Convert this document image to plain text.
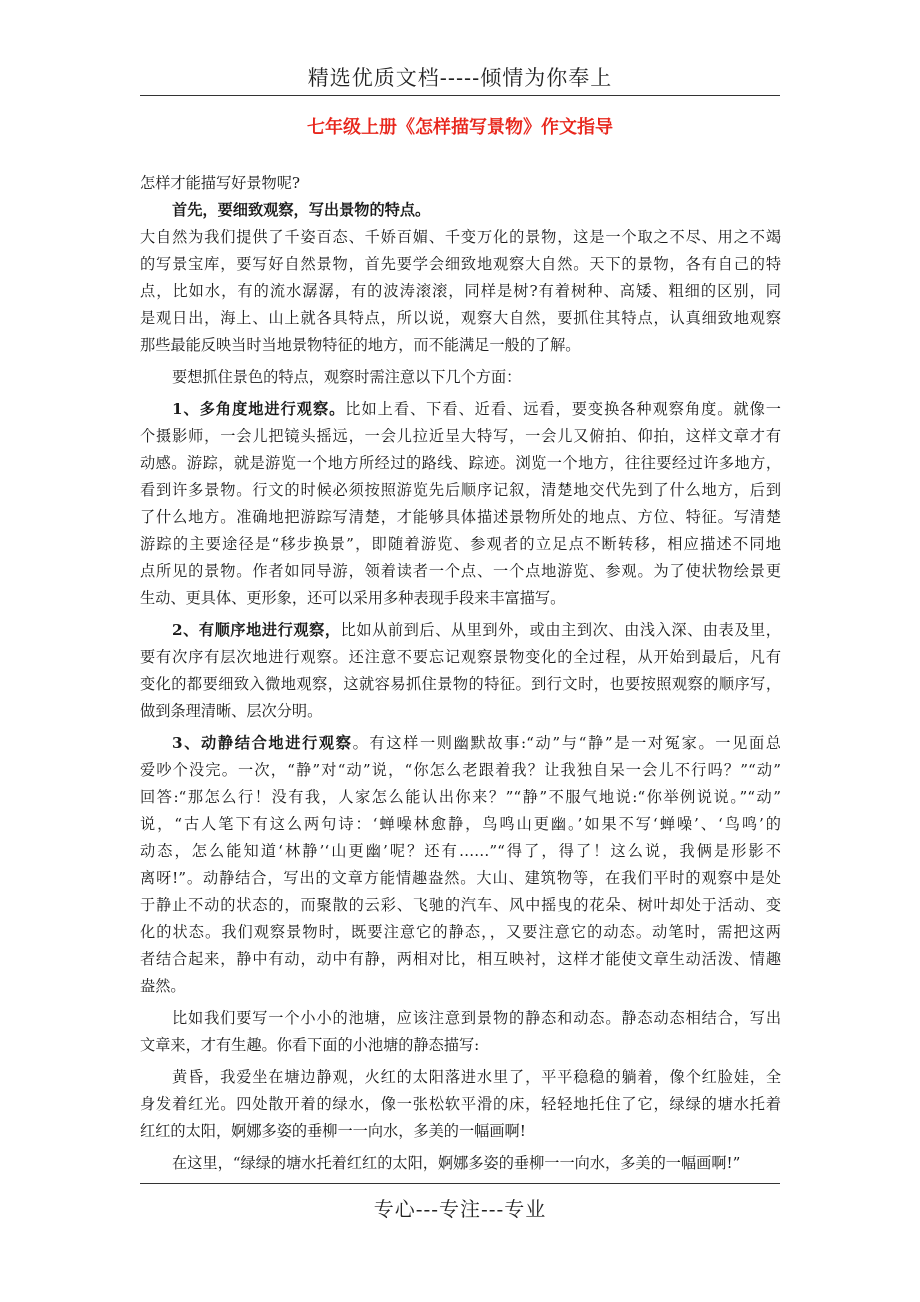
精选优质文档-----倾情为你奉上
七年级上册《怎样描写景物》作文指导
怎样才能描写好景物呢?
首先，要细致观察，写出景物的特点。
大自然为我们提供了千姿百态、千娇百媚、千变万化的景物，这是一个取之不尽、用之不竭
的写景宝库，要写好自然景物，首先要学会细致地观察大自然。天下的景物，各有自己的特
点，比如水，有的流水潺潺，有的波涛滚滚，同样是树?有着树种、高矮、粗细的区别，同
是观日出，海上、山上就各具特点，所以说，观察大自然，要抓住其特点，认真细致地观察
那些最能反映当时当地景物特征的地方，而不能满足一般的了解。
要想抓住景色的特点，观察时需注意以下几个方面：
1、多角度地进行观察。比如上看、下看、近看、远看，要变换各种观察角度。就像一
个摄影师，一会儿把镜头摇远，一会儿拉近呈大特写，一会儿又俯拍、仰拍，这样文章才有
动感。游踪，就是游览一个地方所经过的路线、踪迹。浏览一个地方，往往要经过许多地方，
看到许多景物。行文的时候必须按照游览先后顺序记叙，清楚地交代先到了什么地方，后到
了什么地方。准确地把游踪写清楚，才能够具体描述景物所处的地点、方位、特征。写清楚
游踪的主要途径是“移步换景”，即随着游览、参观者的立足点不断转移，相应描述不同地
点所见的景物。作者如同导游，领着读者一个点、一个点地游览、参观。为了使状物绘景更
生动、更具体、更形象，还可以采用多种表现手段来丰富描写。
2、有顺序地进行观察，比如从前到后、从里到外，或由主到次、由浅入深、由表及里，
要有次序有层次地进行观察。还注意不要忘记观察景物变化的全过程，从开始到最后，凡有
变化的都要细致入微地观察，这就容易抓住景物的特征。到行文时，也要按照观察的顺序写，
做到条理清晰、层次分明。
3、动静结合地进行观察。有这样一则幽默故事:“动”与“静”是一对冤家。一见面总
爱吵个没完。一次，“静”对“动”说，“你怎么老跟着我？让我独自呆一会儿不行吗？”“动”
回答:“那怎么行！没有我，人家怎么能认出你来？”“静”不服气地说:“你举例说说。”“动”
说，“古人笔下有这么两句诗：‘蝉噪林愈静，鸟鸣山更幽。’如果不写‘蝉噪’、‘鸟鸣’的
动态，怎么能知道‘林静’‘山更幽’呢？还有……”“得了，得了！这么说，我俩是形影不
离呀!”。动静结合，写出的文章方能情趣盎然。大山、建筑物等，在我们平时的观察中是处
于静止不动的状态的，而聚散的云彩、飞驰的汽车、风中摇曳的花朵、树叶却处于活动、变
化的状态。我们观察景物时，既要注意它的静态，，又要注意它的动态。动笔时，需把这两
者结合起来，静中有动，动中有静，两相对比，相互映衬，这样才能使文章生动活泼、情趣
盎然。
比如我们要写一个小小的池塘，应该注意到景物的静态和动态。静态动态相结合，写出
文章来，才有生趣。你看下面的小池塘的静态描写:
黄昏，我爱坐在塘边静观，火红的太阳落进水里了，平平稳稳的躺着，像个红脸娃，全
身发着红光。四处散开着的绿水，像一张松软平滑的床，轻轻地托住了它，绿绿的塘水托着
红红的太阳，婀娜多姿的垂柳一一向水，多美的一幅画啊!
在这里，“绿绿的塘水托着红红的太阳，婀娜多姿的垂柳一一向水，多美的一幅画啊!”
专心---专注---专业
